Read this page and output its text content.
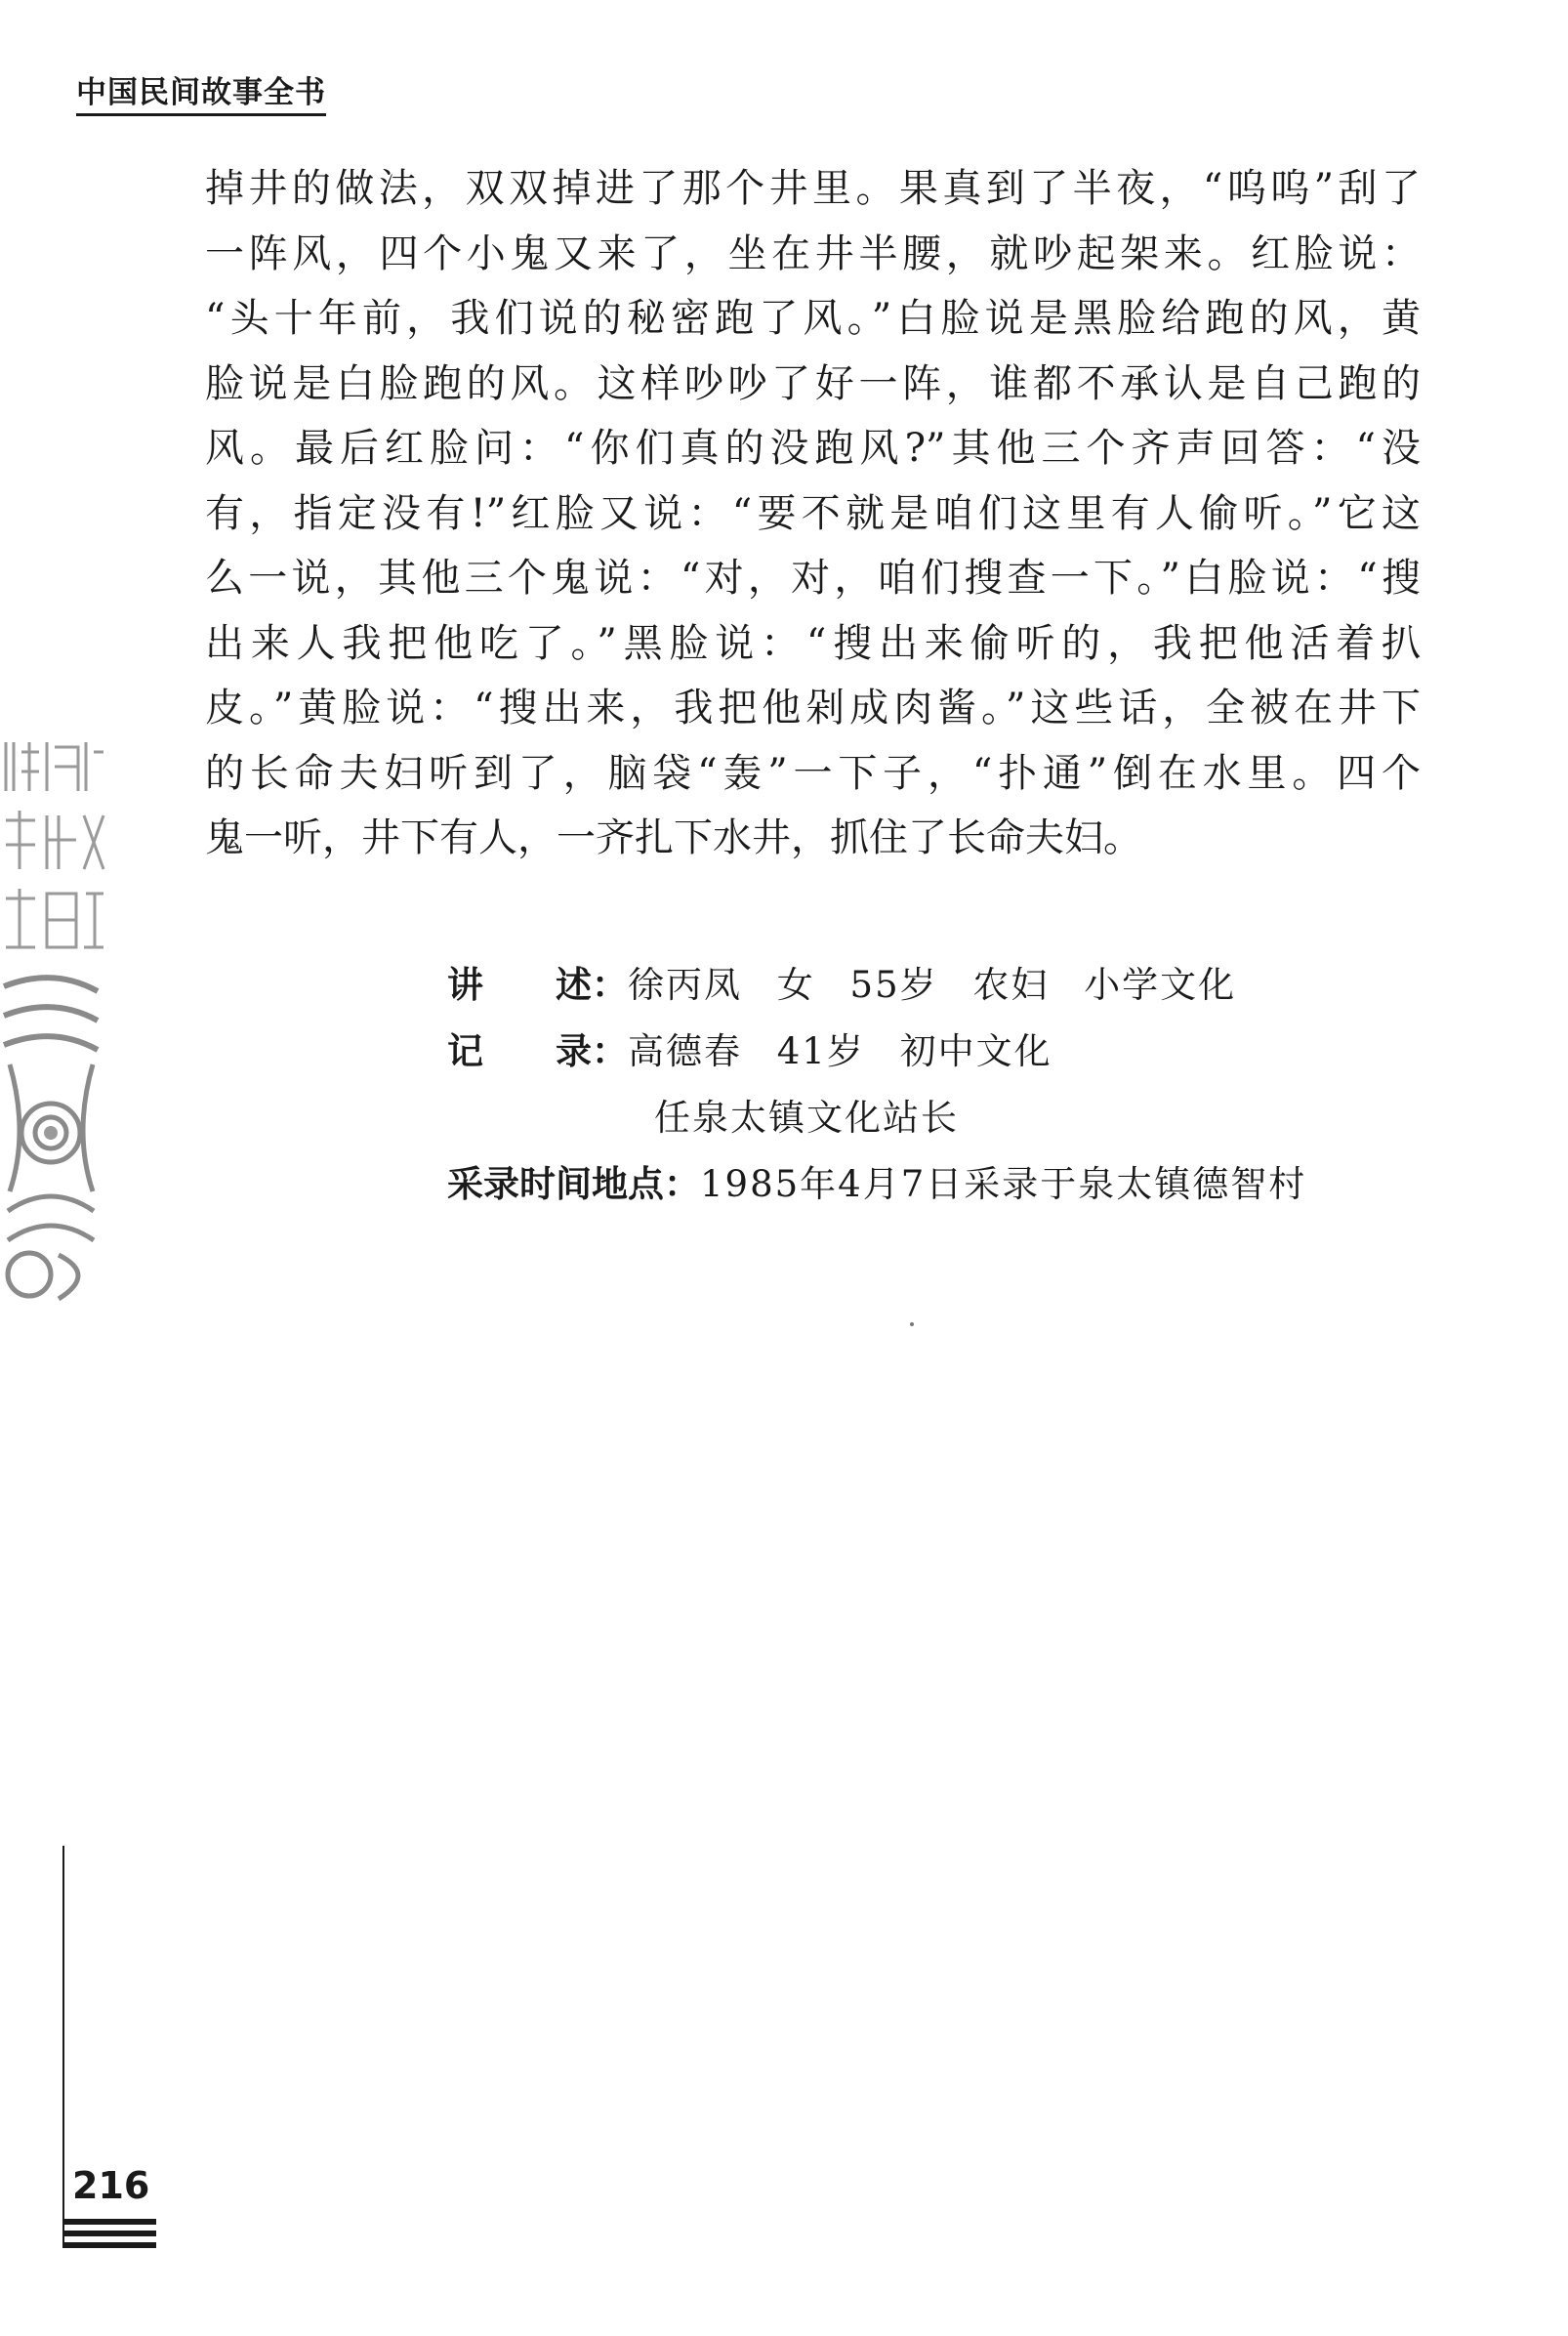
中国民间故事全书
掉井的做法，双双掉进了那个井里。果真到了半夜，“呜呜”刮了
一阵风，四个小鬼又来了，坐在井半腰，就吵起架来。红脸说：
“头十年前，我们说的秘密跑了风。”白脸说是黑脸给跑的风，黄
脸说是白脸跑的风。这样吵吵了好一阵，谁都不承认是自己跑的
风。最后红脸问：“你们真的没跑风?”其他三个齐声回答：“没
有，指定没有!”红脸又说：“要不就是咱们这里有人偷听。”它这
么一说，其他三个鬼说：“对，对，咱们搜查一下。”白脸说：“搜
出来人我把他吃了。”黑脸说：“搜出来偷听的，我把他活着扒
皮。”黄脸说：“搜出来，我把他剁成肉酱。”这些话，全被在井下
的长命夫妇听到了，脑袋“轰”一下子，“扑通”倒在水里。四个
鬼一听，井下有人，一齐扎下水井，抓住了长命夫妇。
讲　　述：徐丙凤 女 55岁 农妇 小学文化
记　　录：高德春 41岁 初中文化
任泉太镇文化站长
采录时间地点：1985年4月7日采录于泉太镇德智村
216
